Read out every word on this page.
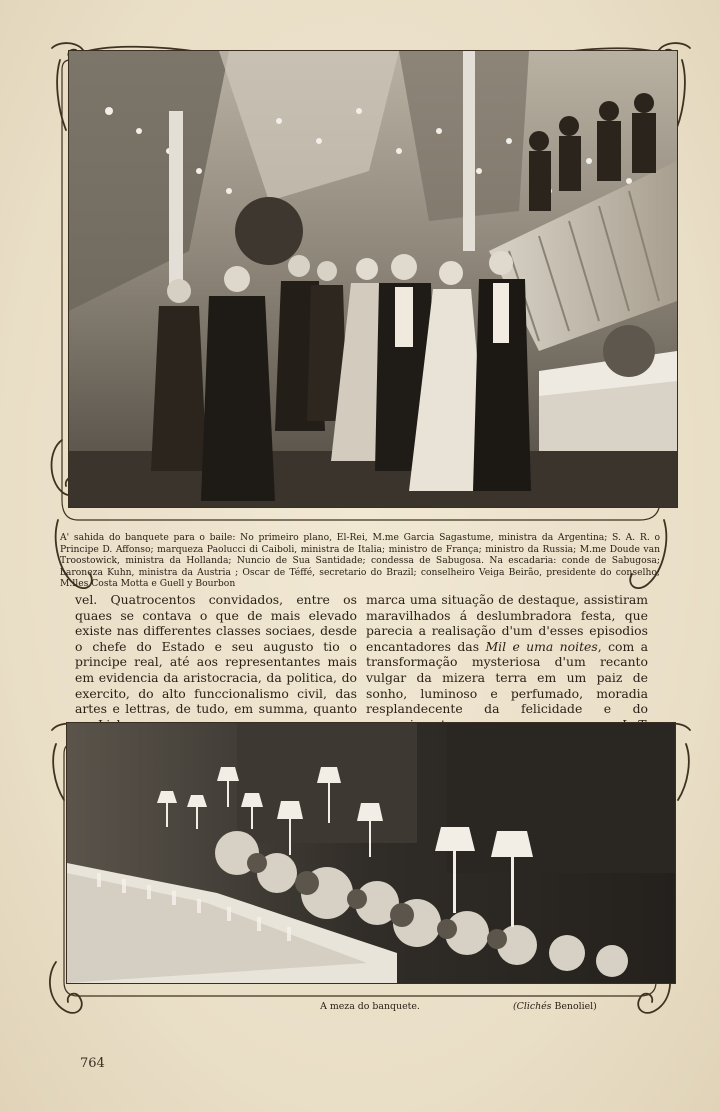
A' sahida do banquete para o baile: No primeiro plano, El-Rei, M.me Garcia Sagastume, ministra da Argentina; S. A. R. o Principe D. Affonso; marqueza Paolucci di Caiboli, ministra de Italia; ministro de França; ministro da Russia; M.me Doude van Troostowick, ministra da Hollanda; Nuncio de Sua Santidade; condessa de Sabugosa. Na escadaria: conde de Sabugosa; baroneza Kuhn, ministra da Austria ; Oscar de Téffé, secretario do Brazil; conselheiro Veiga Beirão, presidente do conselho; M.lles Costa Motta e Guell y Bourbon

vel. Quatrocentos convidados, entre os quaes se contava o que de mais elevado existe nas differentes classes sociaes, desde o chefe do Estado e seu augusto tio o principe real, até aos representantes mais em evidencia da aristocracia, da politica, do exercito, do alto funccionalismo civil, das artes e lettras, de tudo, em summa, quanto

marca uma situação de destaque, assistiram maravilhados á deslumbradora festa, que parecia a realisação d'um d'esses episodios encantadores das Mil e uma noites, com a transformação mysteriosa d'um recanto vulgar da mizera terra em um paiz de sonho, luminoso e perfumado, moradia resplandecente da felicidade e do

A meza do banquete.	(Clichés Benoliel)
764
